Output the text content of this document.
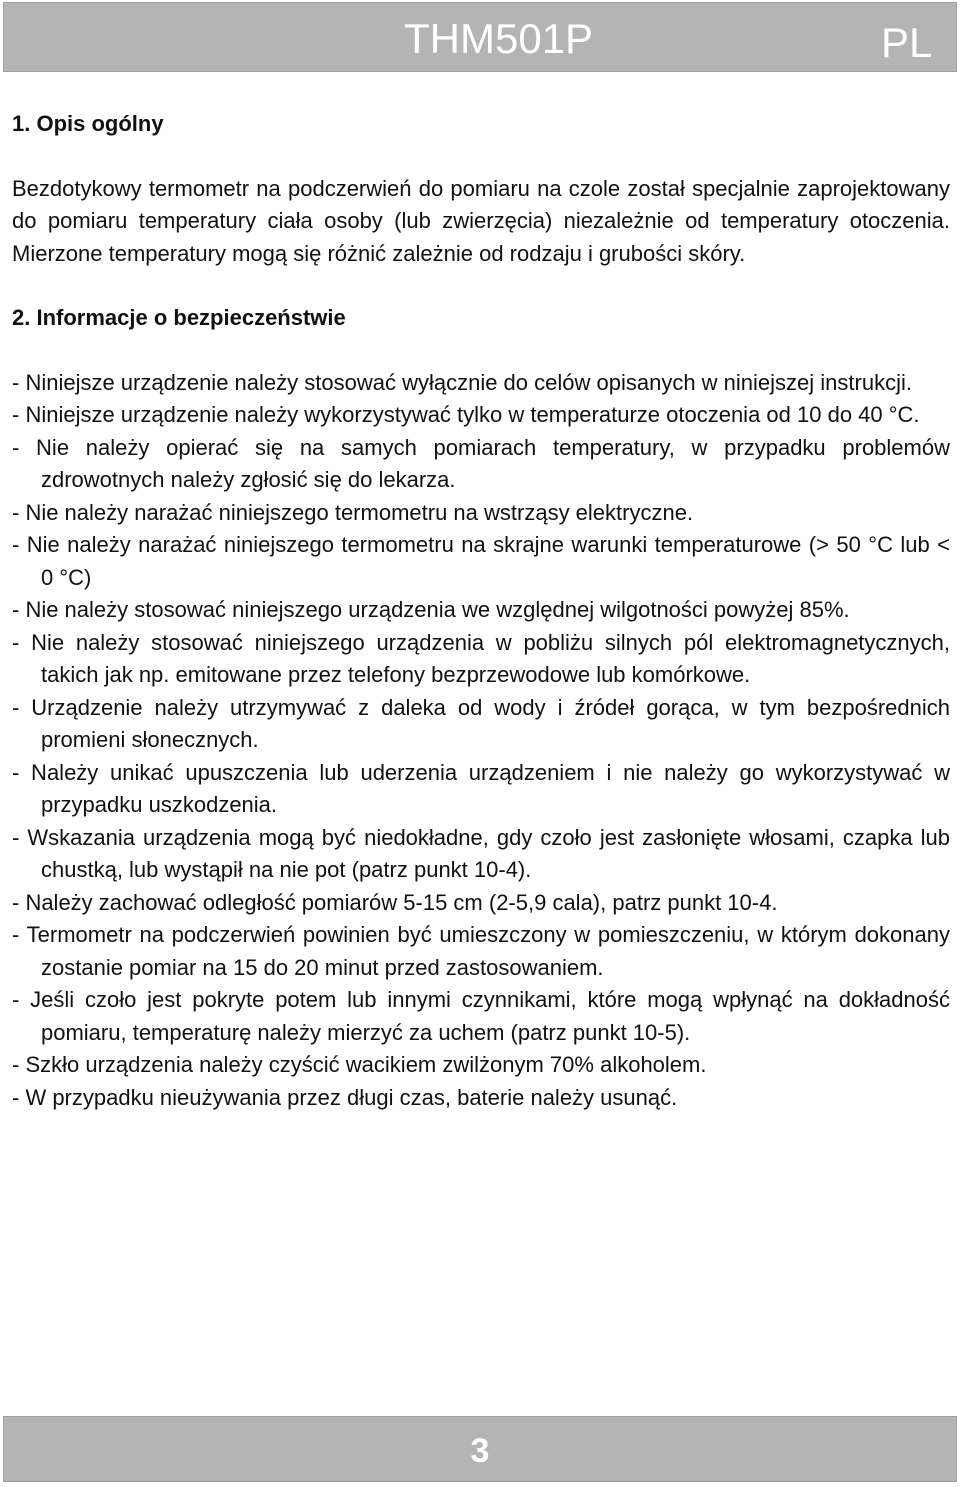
THM501P	PL
1. Opis ogólny

Bezdotykowy termometr na podczerwień do pomiaru na czole został specjalnie zaprojektowany do pomiaru temperatury ciała osoby (lub zwierzęcia) niezależnie od temperatury otoczenia. Mierzone temperatury mogą się różnić zależnie od rodzaju i grubości skóry.

2. Informacje o bezpieczeństwie
- Niniejsze urządzenie należy stosować wyłącznie do celów opisanych w niniejszej instrukcji.
- Niniejsze urządzenie należy wykorzystywać tylko w temperaturze otoczenia od 10 do 40 °C.
- Nie należy opierać się na samych pomiarach temperatury, w przypadku problemów zdrowotnych należy zgłosić się do lekarza.
- Nie należy narażać niniejszego termometru na wstrząsy elektryczne.
- Nie należy narażać niniejszego termometru na skrajne warunki temperaturowe (> 50 °C lub < 0 °C)
- Nie należy stosować niniejszego urządzenia we względnej wilgotności powyżej 85%.
- Nie należy stosować niniejszego urządzenia w pobliżu silnych pól elektromagnetycznych, takich jak np. emitowane przez telefony bezprzewodowe lub komórkowe.
- Urządzenie należy utrzymywać z daleka od wody i źródeł gorąca, w tym bezpośrednich promieni słonecznych.
- Należy unikać upuszczenia lub uderzenia urządzeniem i nie należy go wykorzystywać w przypadku uszkodzenia.
- Wskazania urządzenia mogą być niedokładne, gdy czoło jest zasłonięte włosami, czapka lub chustką, lub wystąpił na nie pot (patrz punkt 10-4).
- Należy zachować odległość pomiarów 5-15 cm (2-5,9 cala), patrz punkt 10-4.
- Termometr na podczerwień powinien być umieszczony w pomieszczeniu, w którym dokonany zostanie pomiar na 15 do 20 minut przed zastosowaniem.
- Jeśli czoło jest pokryte potem lub innymi czynnikami, które mogą wpłynąć na dokładność pomiaru, temperaturę należy mierzyć za uchem (patrz punkt 10-5).
- Szkło urządzenia należy czyścić wacikiem zwilżonym 70% alkoholem.
- W przypadku nieużywania przez długi czas, baterie należy usunąć.
3
